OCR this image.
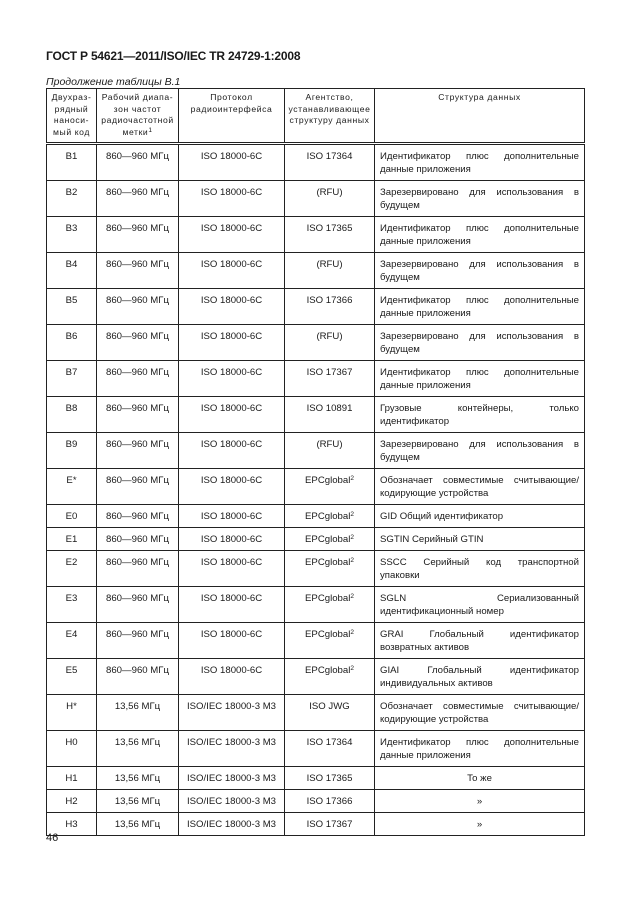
ГОСТ Р 54621—2011/ISO/IEC TR 24729-1:2008
Продолжение таблицы В.1
Двухраз-рядный наноси-мый код	Рабочий диапа-зон частот радиочастотной метки$^1$	Протокол радиоинтерфейса	Агентство, устанавливающее структуру данных	Структура данных
B1	860—960 МГц	ISO 18000-6C	ISO 17364	Идентификатор плюс дополнительные данные приложения
B2	860—960 МГц	ISO 18000-6C	(RFU)	Зарезервировано для использования в будущем
B3	860—960 МГц	ISO 18000-6C	ISO 17365	Идентификатор плюс дополнительные данные приложения
B4	860—960 МГц	ISO 18000-6C	(RFU)	Зарезервировано для использования в будущем
B5	860—960 МГц	ISO 18000-6C	ISO 17366	Идентификатор плюс дополнительные данные приложения
B6	860—960 МГц	ISO 18000-6C	(RFU)	Зарезервировано для использования в будущем
B7	860—960 МГц	ISO 18000-6C	ISO 17367	Идентификатор плюс дополнительные данные приложения
B8	860—960 МГц	ISO 18000-6C	ISO 10891	Грузовые контейнеры, только идентификатор
B9	860—960 МГц	ISO 18000-6C	(RFU)	Зарезервировано для использования в будущем
E*	860—960 МГц	ISO 18000-6C	EPCglobal$^2$	Обозначает совместимые считывающие/ кодирующие устройства
E0	860—960 МГц	ISO 18000-6C	EPCglobal$^2$	GID Общий идентификатор
E1	860—960 МГц	ISO 18000-6C	EPCglobal$^2$	SGTIN Серийный GTIN
E2	860—960 МГц	ISO 18000-6C	EPCglobal$^2$	SSCC Серийный код транспортной упаковки
E3	860—960 МГц	ISO 18000-6C	EPCglobal$^2$	SGLN Сериализованный идентификационный номер
E4	860—960 МГц	ISO 18000-6C	EPCglobal$^2$	GRAI Глобальный идентификатор возвратных активов
E5	860—960 МГц	ISO 18000-6C	EPCglobal$^2$	GIAI Глобальный идентификатор индивидуальных активов
H*	13,56 МГц	ISO/IEC 18000-3 M3	ISO JWG	Обозначает совместимые считывающие/ кодирующие устройства
H0	13,56 МГц	ISO/IEC 18000-3 M3	ISO 17364	Идентификатор плюс дополнительные данные приложения
H1	13,56 МГц	ISO/IEC 18000-3 M3	ISO 17365	То же
H2	13,56 МГц	ISO/IEC 18000-3 M3	ISO 17366	»
H3	13,56 МГц	ISO/IEC 18000-3 M3	ISO 17367	»
46
